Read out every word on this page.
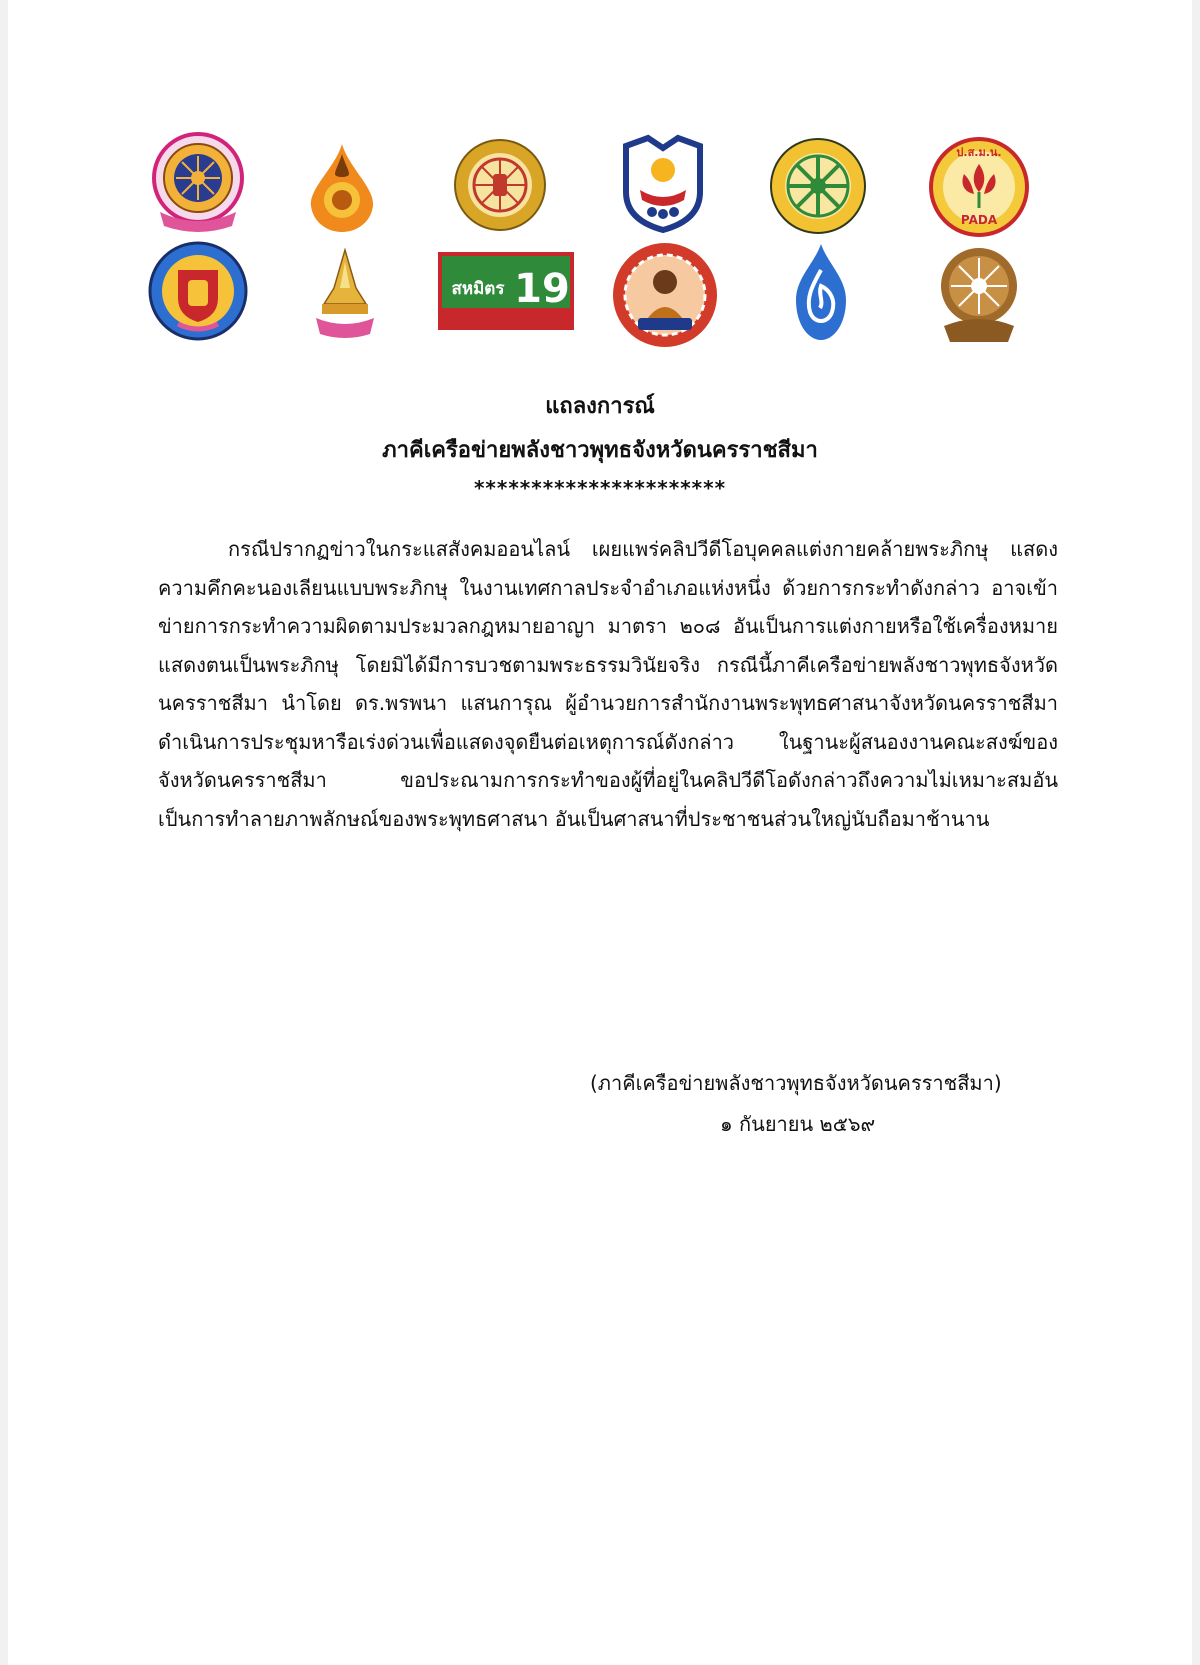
ป.ส.ม.น.
PADA
สหมิตร 19
แถลงการณ์
ภาคีเครือข่ายพลังชาวพุทธจังหวัดนครราชสีมา
**********************

กรณีปรากฏข่าวในกระแสสังคมออนไลน์ เผยแพร่คลิปวีดีโอบุคคลแต่งกายคล้ายพระภิกษุ แสดงความคึกคะนองเลียนแบบพระภิกษุ ในงานเทศกาลประจำอำเภอแห่งหนึ่ง ด้วยการกระทำดังกล่าว อาจเข้าข่ายการกระทำความผิดตามประมวลกฎหมายอาญา มาตรา ๒๐๘ อันเป็นการแต่งกายหรือใช้เครื่องหมายแสดงตนเป็นพระภิกษุ โดยมิได้มีการบวชตามพระธรรมวินัยจริง กรณีนี้ภาคีเครือข่ายพลังชาวพุทธจังหวัดนครราชสีมา นำโดย ดร.พรพนา แสนการุณ ผู้อำนวยการสำนักงานพระพุทธศาสนาจังหวัดนครราชสีมา ดำเนินการประชุมหารือเร่งด่วนเพื่อแสดงจุดยืนต่อเหตุการณ์ดังกล่าว ในฐานะผู้สนองงานคณะสงฆ์ของจังหวัดนครราชสีมา ขอประณามการกระทำของผู้ที่อยู่ในคลิปวีดีโอดังกล่าวถึงความไม่เหมาะสมอันเป็นการทำลายภาพลักษณ์ของพระพุทธศาสนา อันเป็นศาสนาที่ประชาชนส่วนใหญ่นับถือมาช้านาน

(ภาคีเครือข่ายพลังชาวพุทธจังหวัดนครราชสีมา)
๑ กันยายน ๒๕๖๙
